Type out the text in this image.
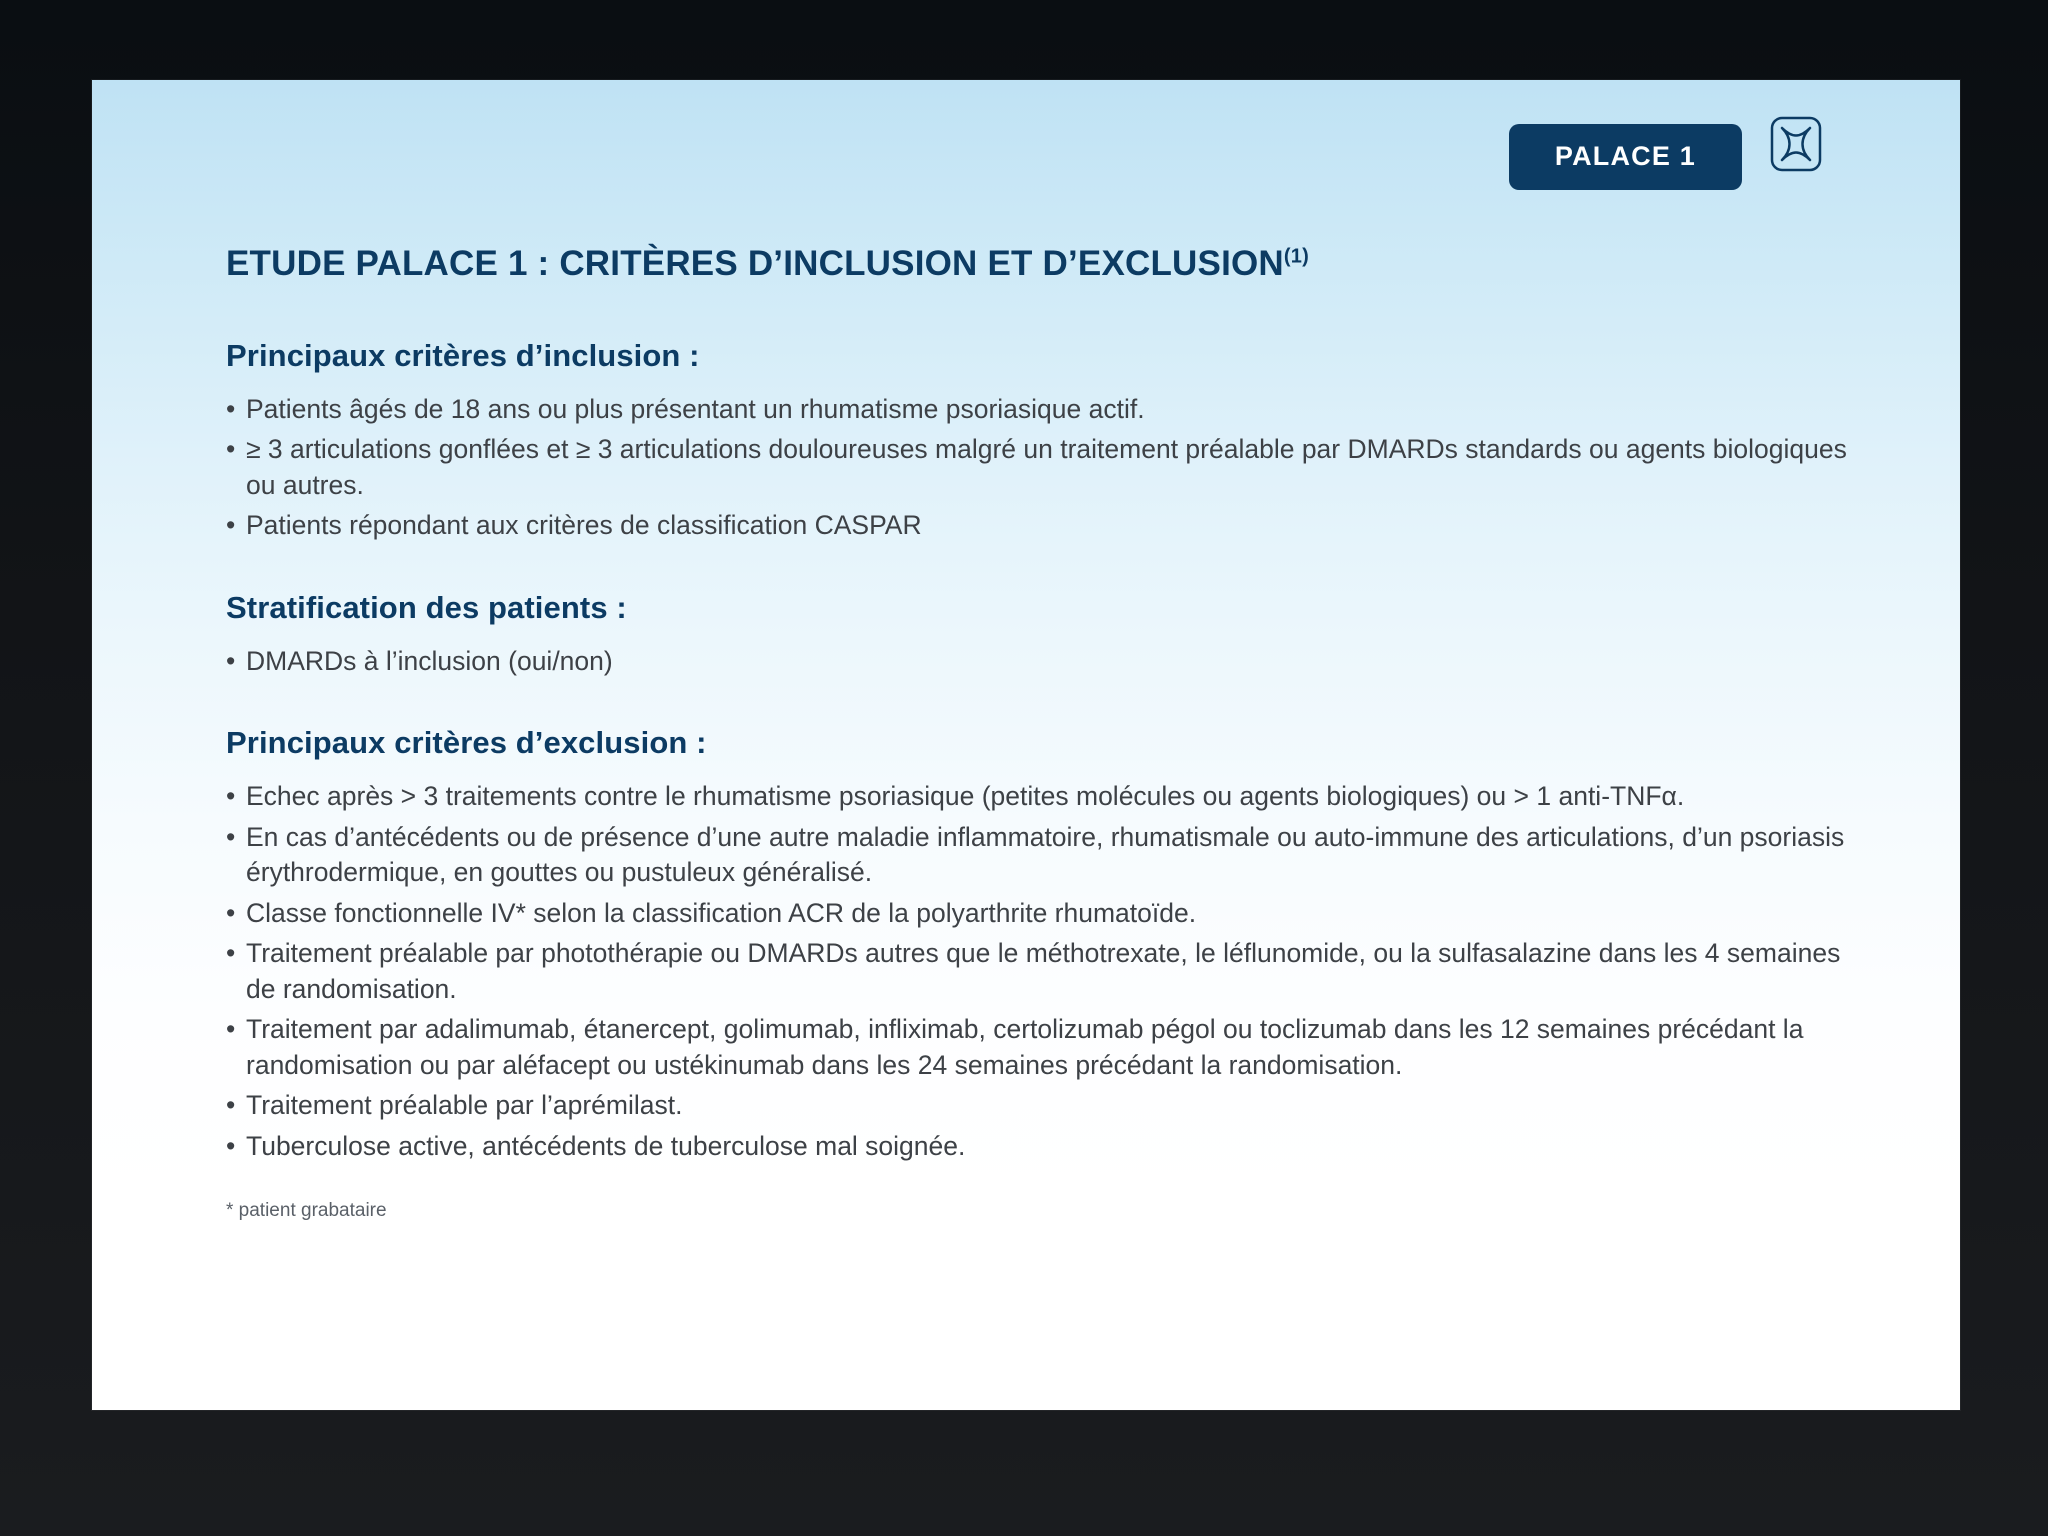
PALACE 1
ETUDE PALACE 1 : CRITÈRES D’INCLUSION ET D’EXCLUSION$^{(1)}$
Principaux critères d’inclusion :
• Patients âgés de 18 ans ou plus présentant un rhumatisme psoriasique actif.
• ≥ 3 articulations gonflées et ≥ 3 articulations douloureuses malgré un traitement préalable par DMARDs standards ou agents biologiques ou autres.
• Patients répondant aux critères de classification CASPAR
Stratification des patients :
• DMARDs à l’inclusion (oui/non)
Principaux critères d’exclusion :
• Echec après > 3 traitements contre le rhumatisme psoriasique (petites molécules ou agents biologiques) ou > 1 anti-TNFα.
• En cas d’antécédents ou de présence d’une autre maladie inflammatoire, rhumatismale ou auto-immune des articulations, d’un psoriasis érythrodermique, en gouttes ou pustuleux généralisé.
• Classe fonctionnelle IV* selon la classification ACR de la polyarthrite rhumatoïde.
• Traitement préalable par photothérapie ou DMARDs autres que le méthotrexate, le léflunomide, ou la sulfasalazine dans les 4 semaines de randomisation.
• Traitement par adalimumab, étanercept, golimumab, infliximab, certolizumab pégol ou toclizumab dans les 12 semaines précédant la randomisation ou par aléfacept ou ustékinumab dans les 24 semaines précédant la randomisation.
• Traitement préalable par l’aprémilast.
• Tuberculose active, antécédents de tuberculose mal soignée.
* patient grabataire
